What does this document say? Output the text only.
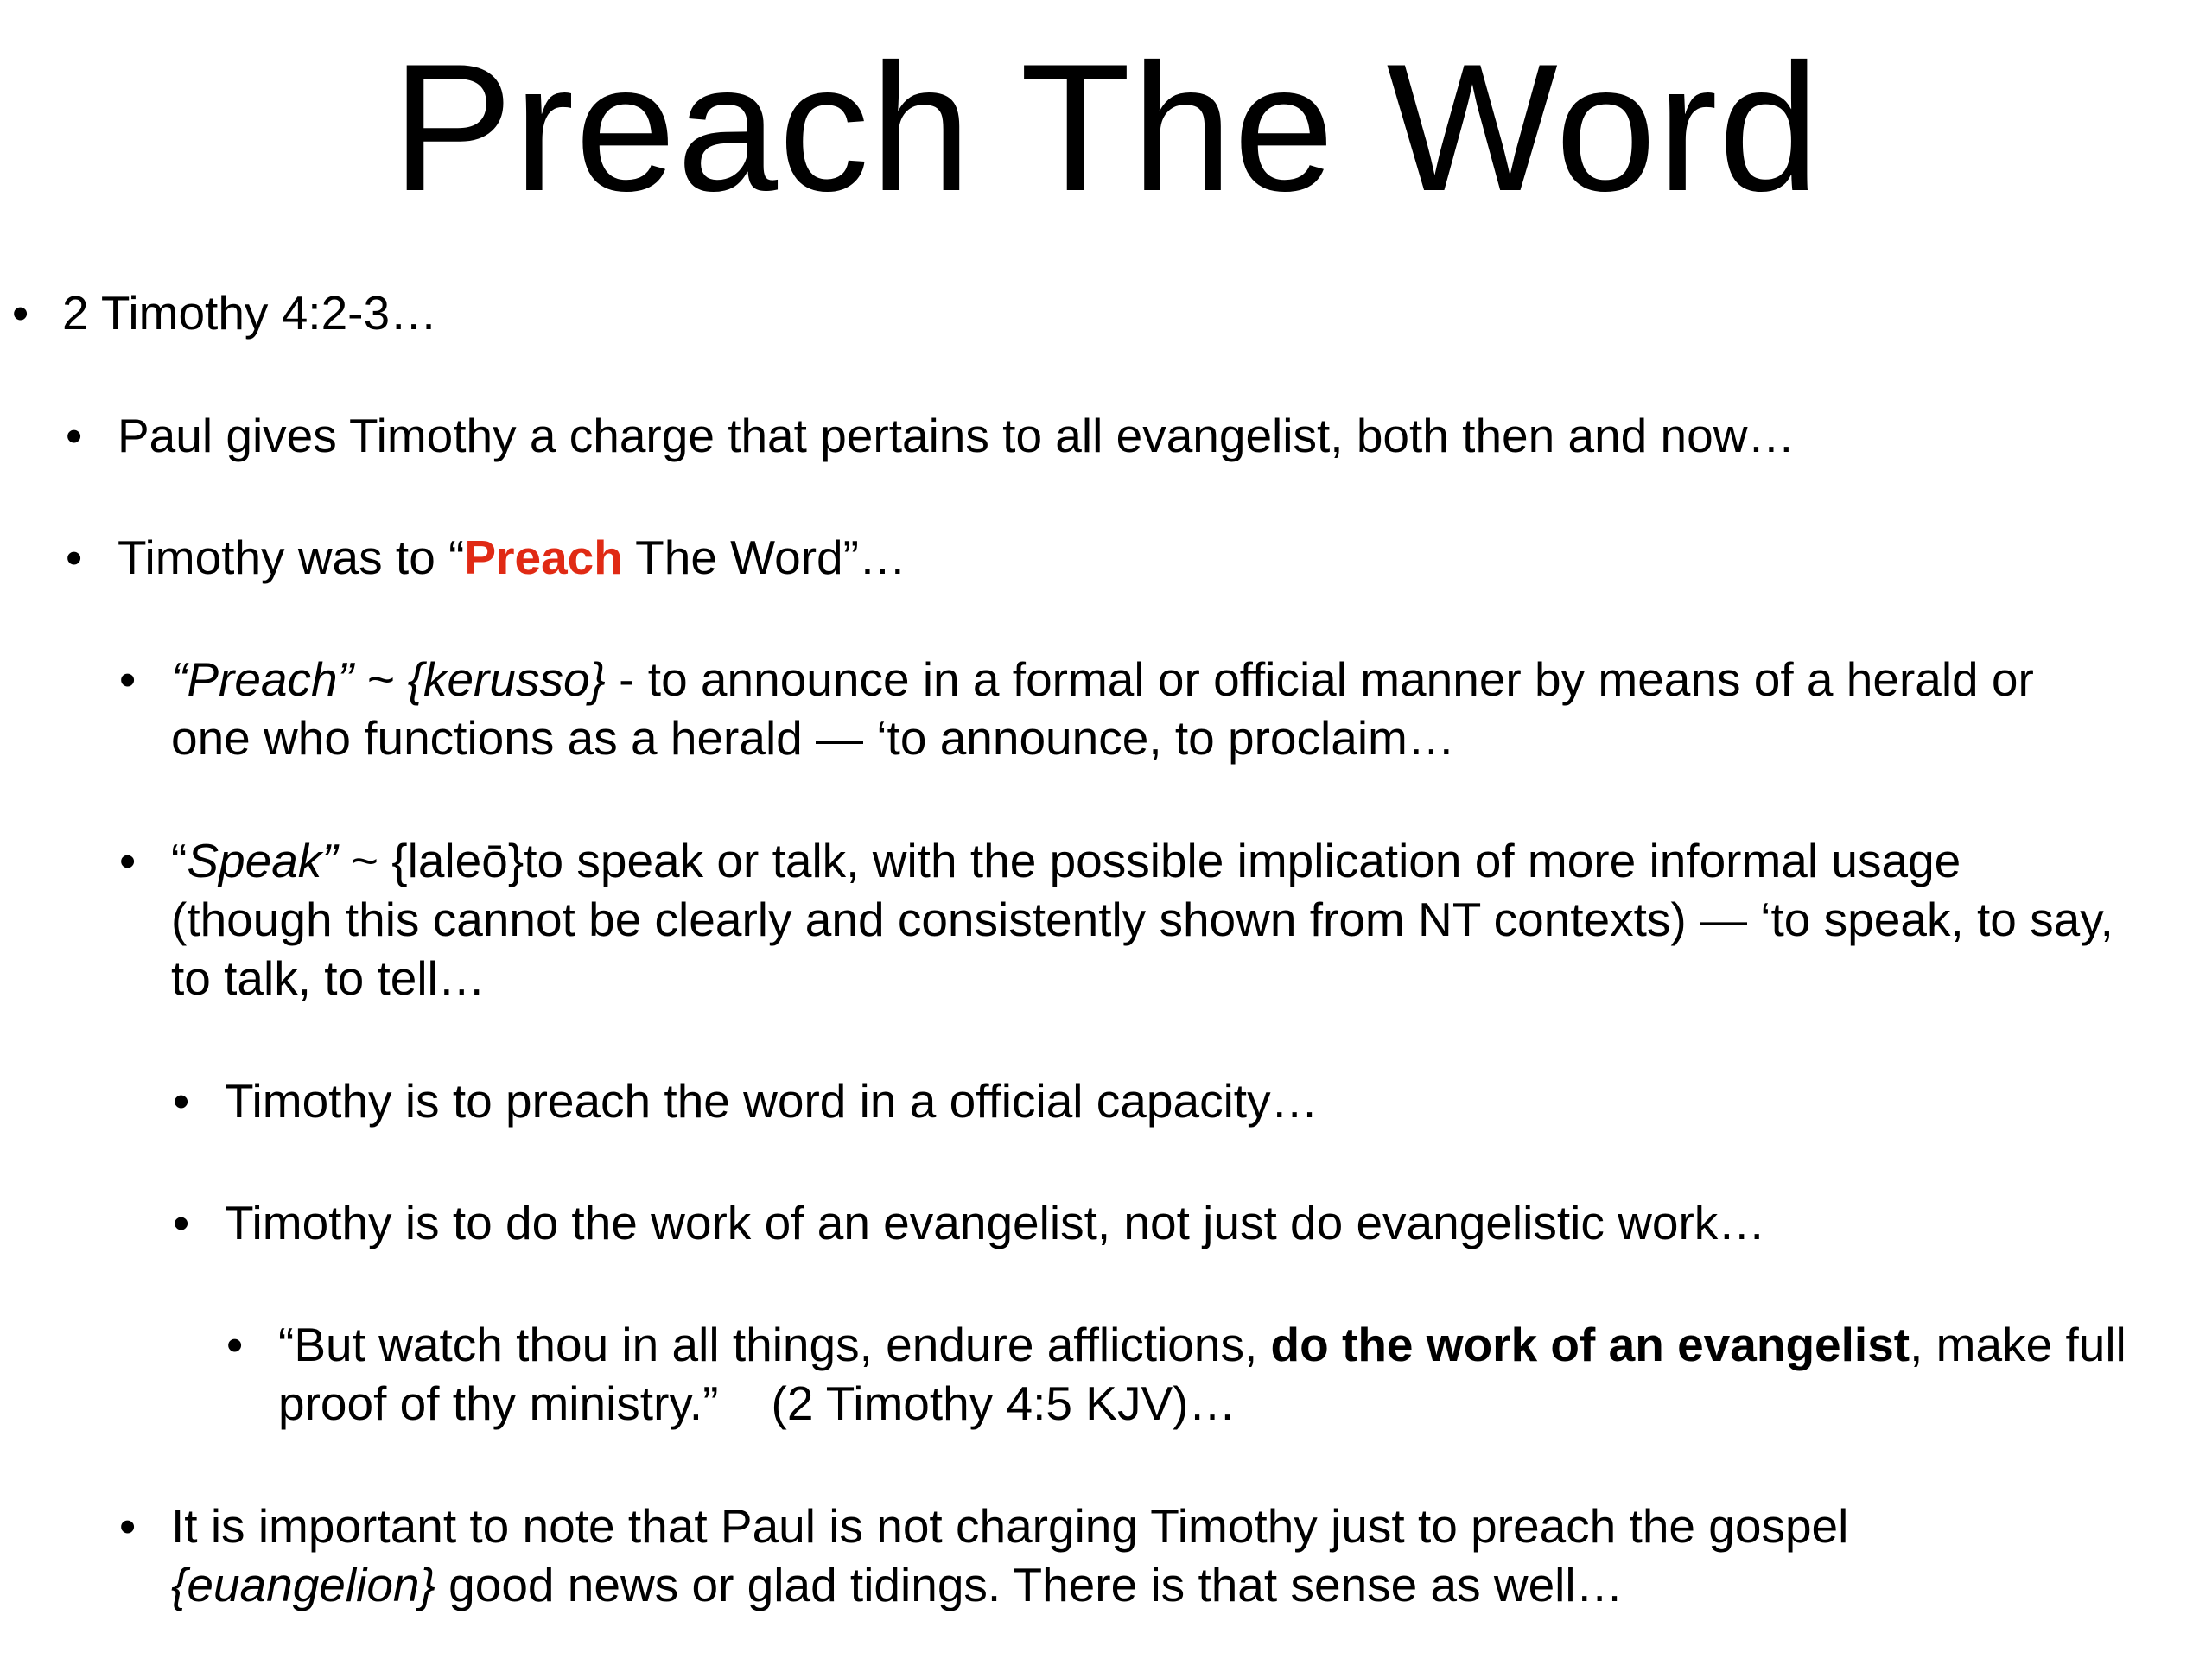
Preach The Word
• 2 Timothy 4:2-3…
• Paul gives Timothy a charge that pertains to all evangelist, both then and now…
• Timothy was to “Preach The Word”…
• “Preach” ~ {kerusso} - to announce in a formal or official manner by means of a herald or
one who functions as a herald — ‘to announce, to proclaim…
• “Speak” ~ {laleō}to speak or talk, with the possible implication of more informal usage
(though this cannot be clearly and consistently shown from NT contexts) — ‘to speak, to say,
to talk, to tell…
• Timothy is to preach the word in a official capacity…
• Timothy is to do the work of an evangelist, not just do evangelistic work…
• “But watch thou in all things, endure afflictions, do the work of an evangelist, make full
proof of thy ministry.”    (2 Timothy 4:5 KJV)…
• It is important to note that Paul is not charging Timothy just to preach the gospel
{euangelion} good news or glad tidings. There is that sense as well…
